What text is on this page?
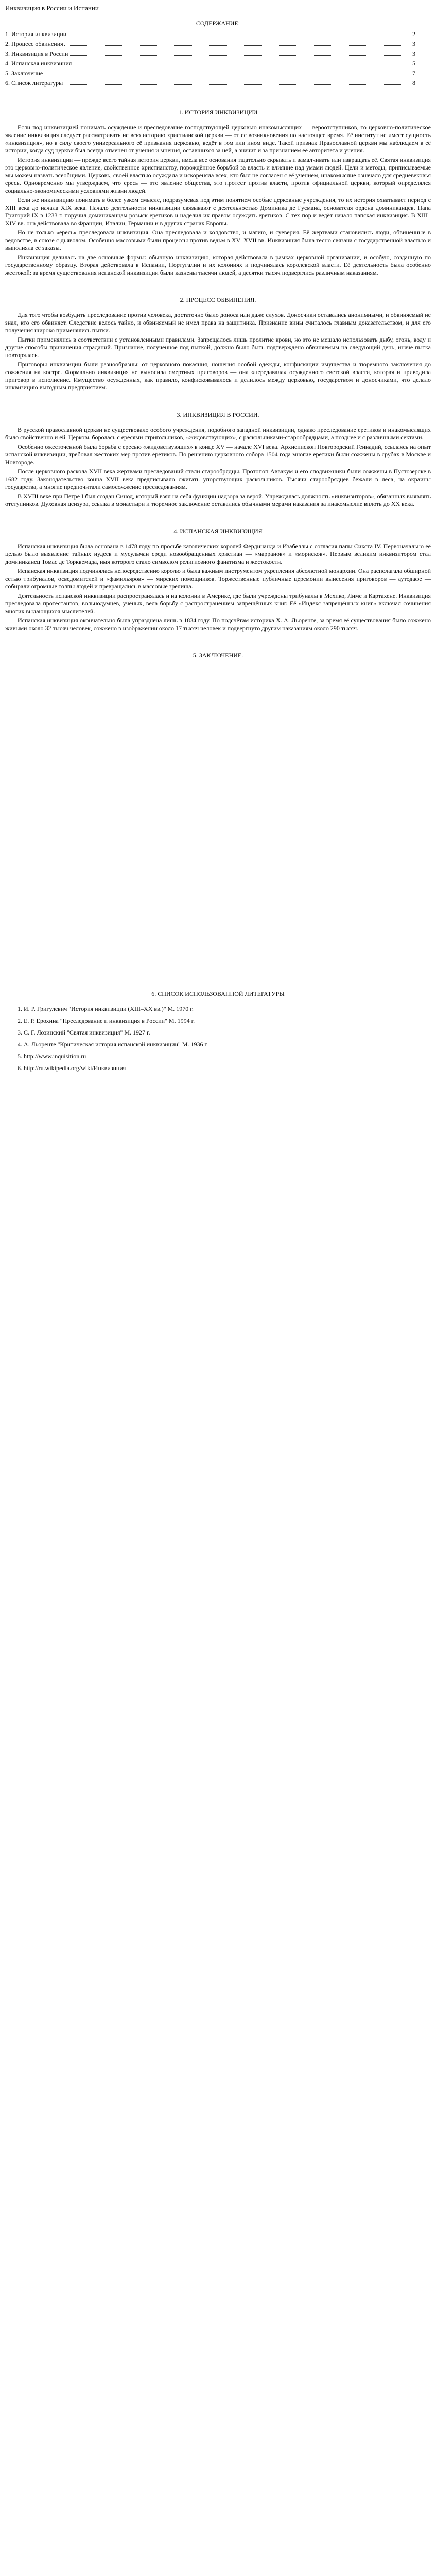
Инквизиция в России и Испании
СОДЕРЖАНИЕ:
1. История инквизиции	2
2. Процесс обвинения	3
3. Инквизиция в России	3
4. Испанская инквизиция	5
5. Заключение	7
6. Список литературы	8
1. ИСТОРИЯ ИНКВИЗИЦИИ

Если под инквизицией понимать осуждение и преследование господствующей церковью инакомыслящих — вероотступников, то церковно-политическое явление инквизиция следует рассматривать не всю историю христианской церкви — от ее возникновения по настоящее время. Её институт не имеет сущность «инквизиция», но в силу своего универсального её признания церковью, ведёт в том или ином виде. Такой признак Православной церкви мы наблюдаем в её истории, когда суд церкви был всегда отменен от учения и мнения, оставшихся за ней, а значит и за признанием её авторитета и учения.

История инквизиции — прежде всего тайная история церкви, имела все основания тщательно скрывать и замалчивать или извращать её. Святая инквизиция это церковно-политическое явление, свойственное христианству, порождённое борьбой за власть и влияние над умами людей. Цели и методы, приписываемые мы можем назвать всеобщими. Церковь, своей властью осуждала и искореняла всех, кто был не согласен с её учением, инакомыслие означало для средневековья ересь. Одновременно мы утверждаем, что ересь — это явление общества, это протест против власти, против официальной церкви, который определялся социально-экономическими условиями жизни людей.

Если же инквизицию понимать в более узком смысле, подразумевая под этим понятием особые церковные учреждения, то их история охватывает период с XIII века до начала XIX века. Начало деятельности инквизиции связывают с деятельностью Доминика де Гусмана, основателя ордена доминиканцев. Папа Григорий IX в 1233 г. поручил доминиканцам розыск еретиков и наделил их правом осуждать еретиков. С тех пор и ведёт начало папская инквизиция. В XIII–XIV вв. она действовала во Франции, Италии, Германии и в других странах Европы.

Но не только «ересь» преследовала инквизиция. Она преследовала и колдовство, и магию, и суеверия. Её жертвами становились люди, обвиненные в ведовстве, в союзе с дьяволом. Особенно массовыми были процессы против ведьм в XV–XVII вв. Инквизиция была тесно связана с государственной властью и выполняла её заказы.

Инквизиция делилась на две основные формы: обычную инквизицию, которая действовала в рамках церковной организации, и особую, созданную по государственному образцу. Вторая действовала в Испании, Португалии и их колониях и подчинялась королевской власти. Её деятельность была особенно жестокой: за время существования испанской инквизиции были казнены тысячи людей, а десятки тысяч подверглись различным наказаниям.

2. ПРОЦЕСС ОБВИНЕНИЯ.

Для того чтобы возбудить преследование против человека, достаточно было доноса или даже слухов. Доносчики оставались анонимными, и обвиняемый не знал, кто его обвиняет. Следствие велось тайно, и обвиняемый не имел права на защитника. Признание вины считалось главным доказательством, и для его получения широко применялись пытки.

Пытки применялись в соответствии с установленными правилами. Запрещалось лишь пролитие крови, но это не мешало использовать дыбу, огонь, воду и другие способы причинения страданий. Признание, полученное под пыткой, должно было быть подтверждено обвиняемым на следующий день, иначе пытка повторялась.

Приговоры инквизиции были разнообразны: от церковного покаяния, ношения особой одежды, конфискации имущества и тюремного заключения до сожжения на костре. Формально инквизиция не выносила смертных приговоров — она «передавала» осужденного светской власти, которая и приводила приговор в исполнение. Имущество осужденных, как правило, конфисковывалось и делилось между церковью, государством и доносчиками, что делало инквизицию выгодным предприятием.

3. ИНКВИЗИЦИЯ В РОССИИ.

В русской православной церкви не существовало особого учреждения, подобного западной инквизиции, однако преследование еретиков и инакомыслящих было свойственно и ей. Церковь боролась с ересями стригольников, «жидовствующих», с раскольниками-старообрядцами, а позднее и с различными сектами.

Особенно ожесточенной была борьба с ересью «жидовствующих» в конце XV — начале XVI века. Архиепископ Новгородский Геннадий, ссылаясь на опыт испанской инквизиции, требовал жестоких мер против еретиков. По решению церковного собора 1504 года многие еретики были сожжены в срубах в Москве и Новгороде.

После церковного раскола XVII века жертвами преследований стали старообрядцы. Протопоп Аввакум и его сподвижники были сожжены в Пустозерске в 1682 году. Законодательство конца XVII века предписывало сжигать упорствующих раскольников. Тысячи старообрядцев бежали в леса, на окраины государства, а многие предпочитали самосожжение преследованиям.

В XVIII веке при Петре I был создан Синод, который взял на себя функции надзора за верой. Учреждалась должность «инквизиторов», обязанных выявлять отступников. Духовная цензура, ссылка в монастыри и тюремное заключение оставались обычными мерами наказания за инакомыслие вплоть до XX века.

4. ИСПАНСКАЯ ИНКВИЗИЦИЯ

Испанская инквизиция была основана в 1478 году по просьбе католических королей Фердинанда и Изабеллы с согласия папы Сикста IV. Первоначально её целью было выявление тайных иудеев и мусульман среди новообращенных христиан — «марранов» и «морисков». Первым великим инквизитором стал доминиканец Томас де Торквемада, имя которого стало символом религиозного фанатизма и жестокости.

Испанская инквизиция подчинялась непосредственно королю и была важным инструментом укрепления абсолютной монархии. Она располагала обширной сетью трибуналов, осведомителей и «фамильяров» — мирских помощников. Торжественные публичные церемонии вынесения приговоров — аутодафе — собирали огромные толпы людей и превращались в массовые зрелища.

Деятельность испанской инквизиции распространялась и на колонии в Америке, где были учреждены трибуналы в Мехико, Лиме и Картахене. Инквизиция преследовала протестантов, вольнодумцев, учёных, вела борьбу с распространением запрещённых книг. Её «Индекс запрещённых книг» включал сочинения многих выдающихся мыслителей.

Испанская инквизиция окончательно была упразднена лишь в 1834 году. По подсчётам историка Х. А. Льоренте, за время её существования было сожжено живыми около 32 тысяч человек, сожжено в изображении около 17 тысяч человек и подвергнуто другим наказаниям около 290 тысяч.

5. ЗАКЛЮЧЕНИЕ.
6. СПИСОК ИСПОЛЬЗОВАННОЙ ЛИТЕРАТУРЫ

1. И. Р. Григулевич "История инквизиции (XIII–XX вв.)" М. 1970 г.

2. Е. Р. Ерохина "Преследование и инквизиция в России" М. 1994 г.

3. С. Г. Лозинский "Святая инквизиция" М. 1927 г.

4. А. Льоренте "Критическая история испанской инквизиции" М. 1936 г.

5. http://www.inquisition.ru

6. http://ru.wikipedia.org/wiki/Инквизиция
